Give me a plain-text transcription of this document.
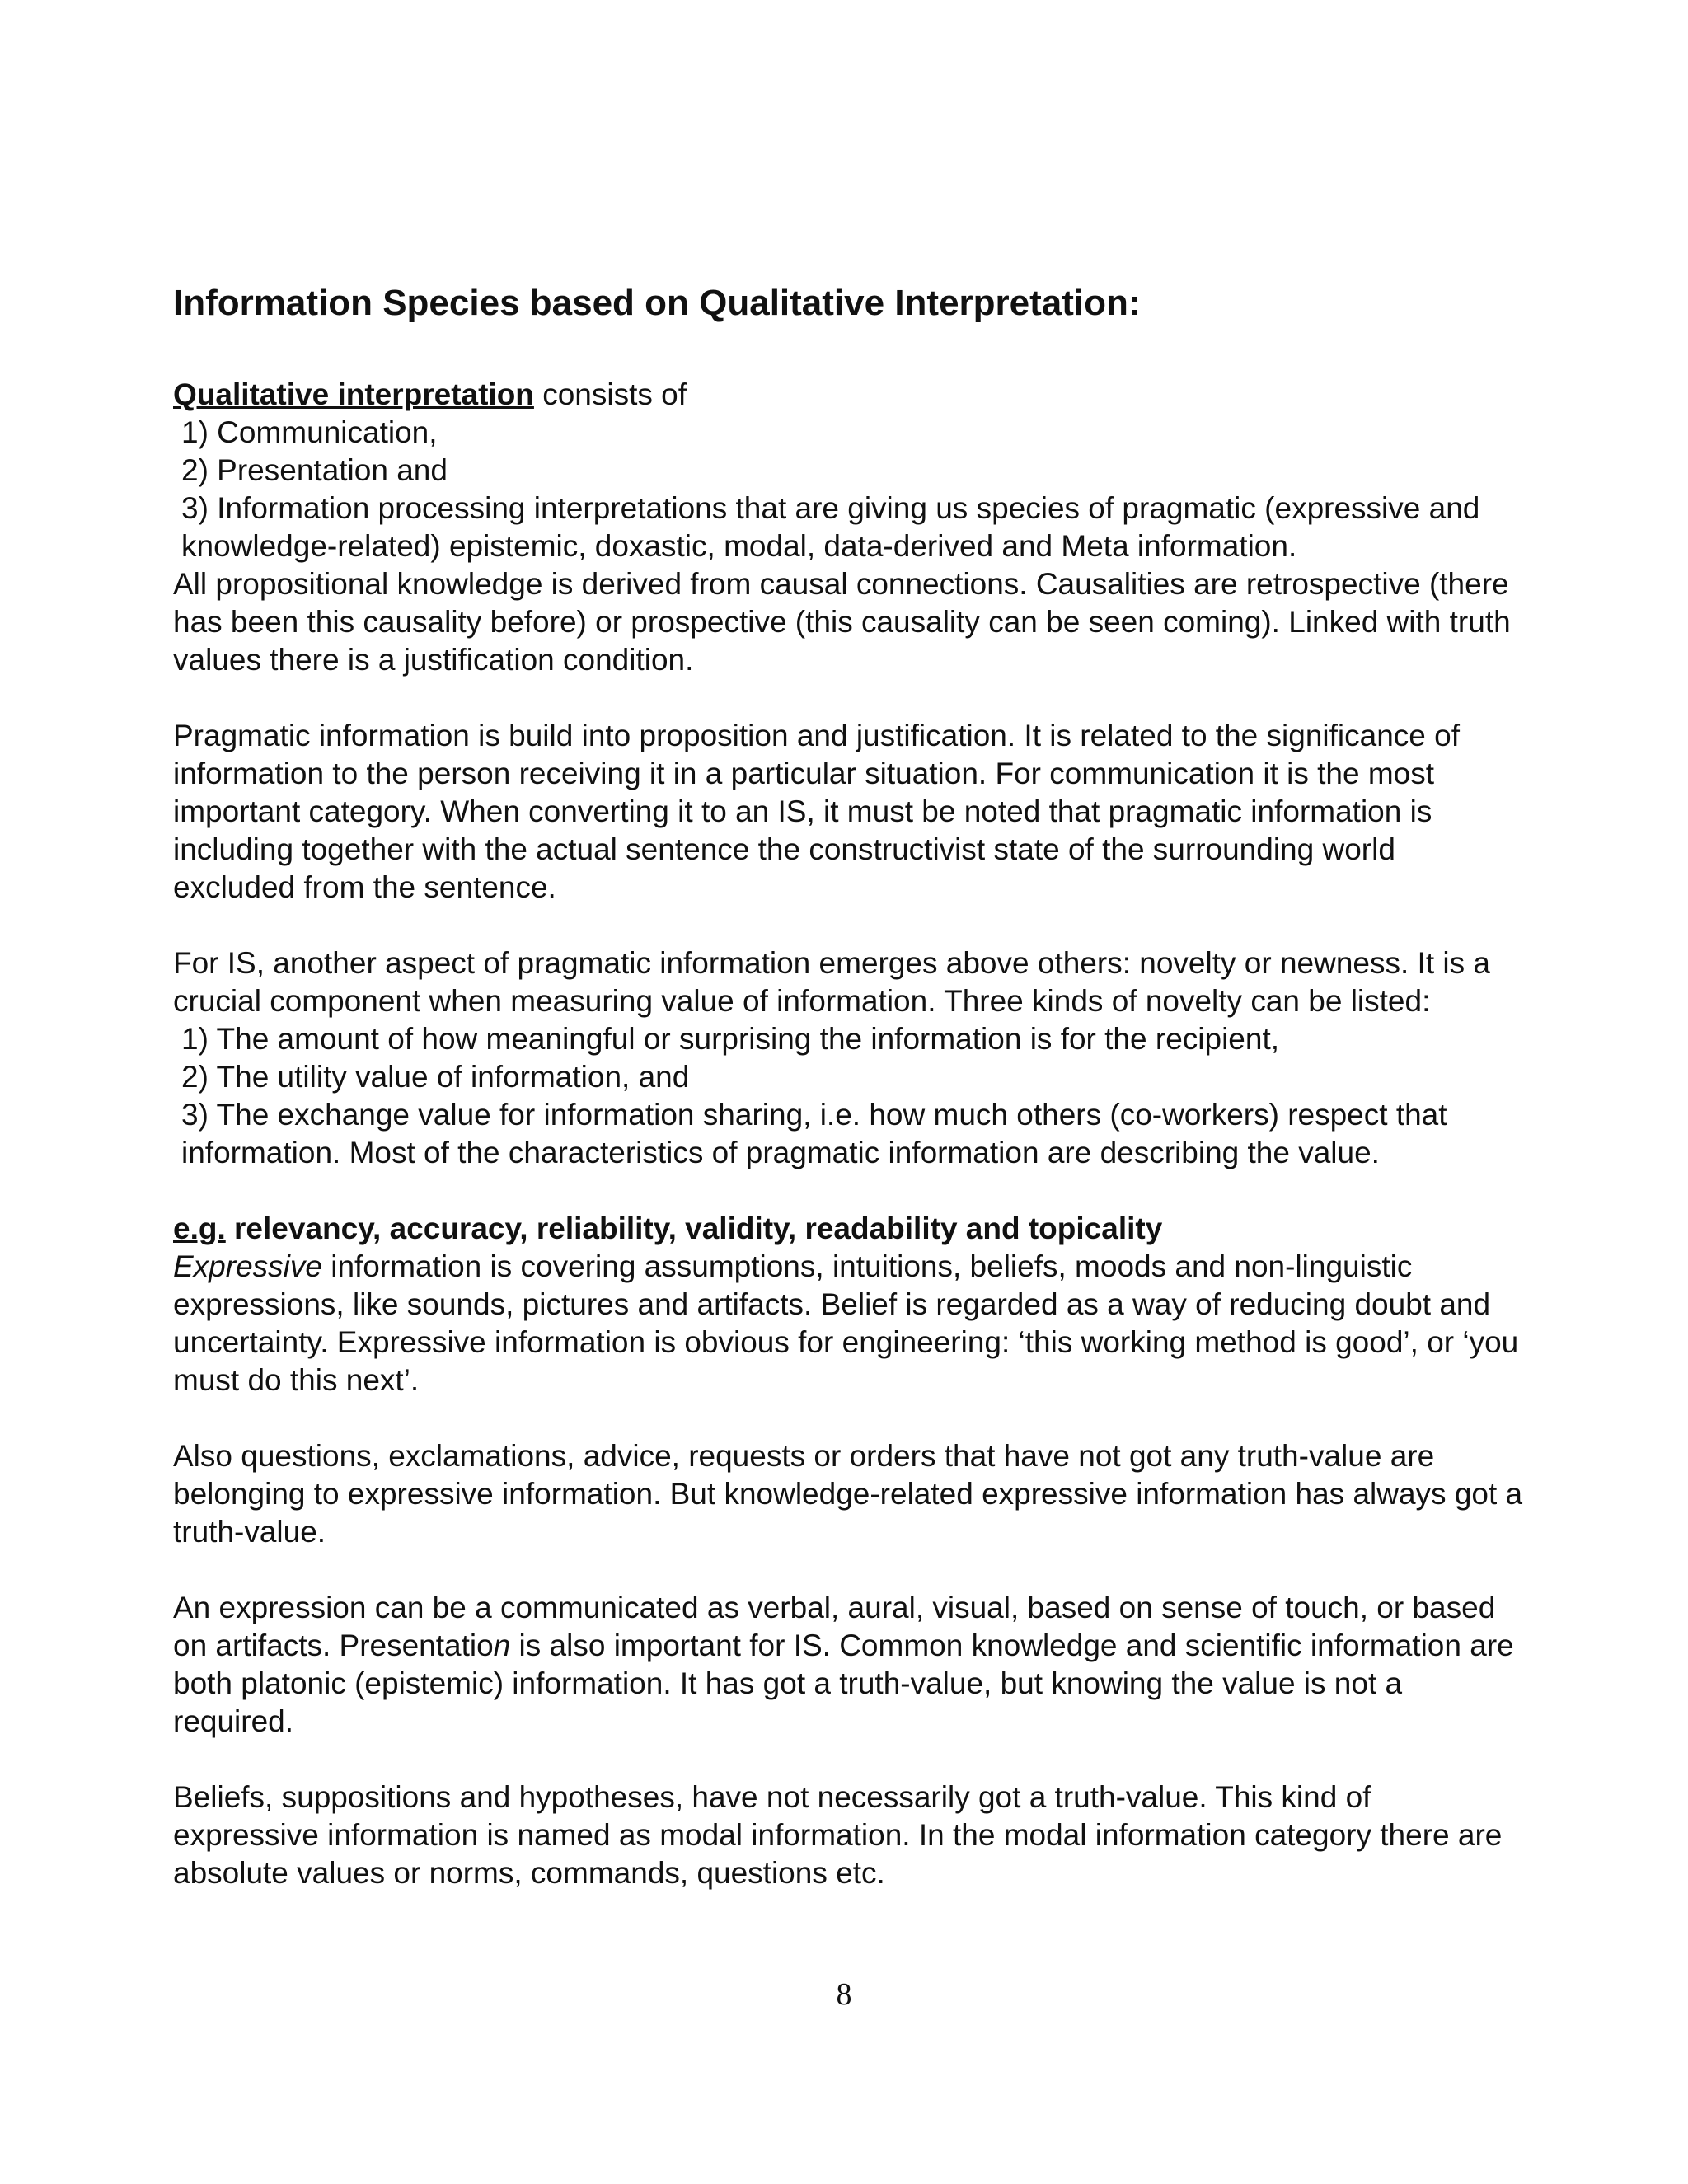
Information Species based on Qualitative Interpretation:

Qualitative interpretation consists of

1) Communication,

2) Presentation and

3) Information processing interpretations that are giving us species of pragmatic (expressive and knowledge-related) epistemic, doxastic, modal, data-derived and Meta information.

All propositional knowledge is derived from causal connections. Causalities are retrospective (there has been this causality before) or prospective (this causality can be seen coming). Linked with truth values there is a justification condition.

Pragmatic information is build into proposition and justification. It is related to the significance of information to the person receiving it in a particular situation. For communication it is the most important category. When converting it to an IS, it must be noted that pragmatic information is including together with the actual sentence the constructivist state of the surrounding world excluded from the sentence.

For IS, another aspect of pragmatic information emerges above others: novelty or newness. It is a crucial component when measuring value of information. Three kinds of novelty can be listed:

1) The amount of how meaningful or surprising the information is for the recipient,

2) The utility value of information, and

3) The exchange value for information sharing, i.e. how much others (co-workers) respect that information. Most of the characteristics of pragmatic information are describing the value.

e.g. relevancy, accuracy, reliability, validity, readability and topicality

Expressive information is covering assumptions, intuitions, beliefs, moods and non-linguistic expressions, like sounds, pictures and artifacts. Belief is regarded as a way of reducing doubt and uncertainty. Expressive information is obvious for engineering: ‘this working method is good’, or ‘you must do this next’.

Also questions, exclamations, advice, requests or orders that have not got any truth-value are belonging to expressive information. But knowledge-related expressive information has always got a truth-value.

An expression can be a communicated as verbal, aural, visual, based on sense of touch, or based on artifacts. Presentation is also important for IS. Common knowledge and scientific information are both platonic (epistemic) information. It has got a truth-value, but knowing the value is not a required.

Beliefs, suppositions and hypotheses, have not necessarily got a truth-value. This kind of expressive information is named as modal information. In the modal information category there are absolute values or norms, commands, questions etc.

8
